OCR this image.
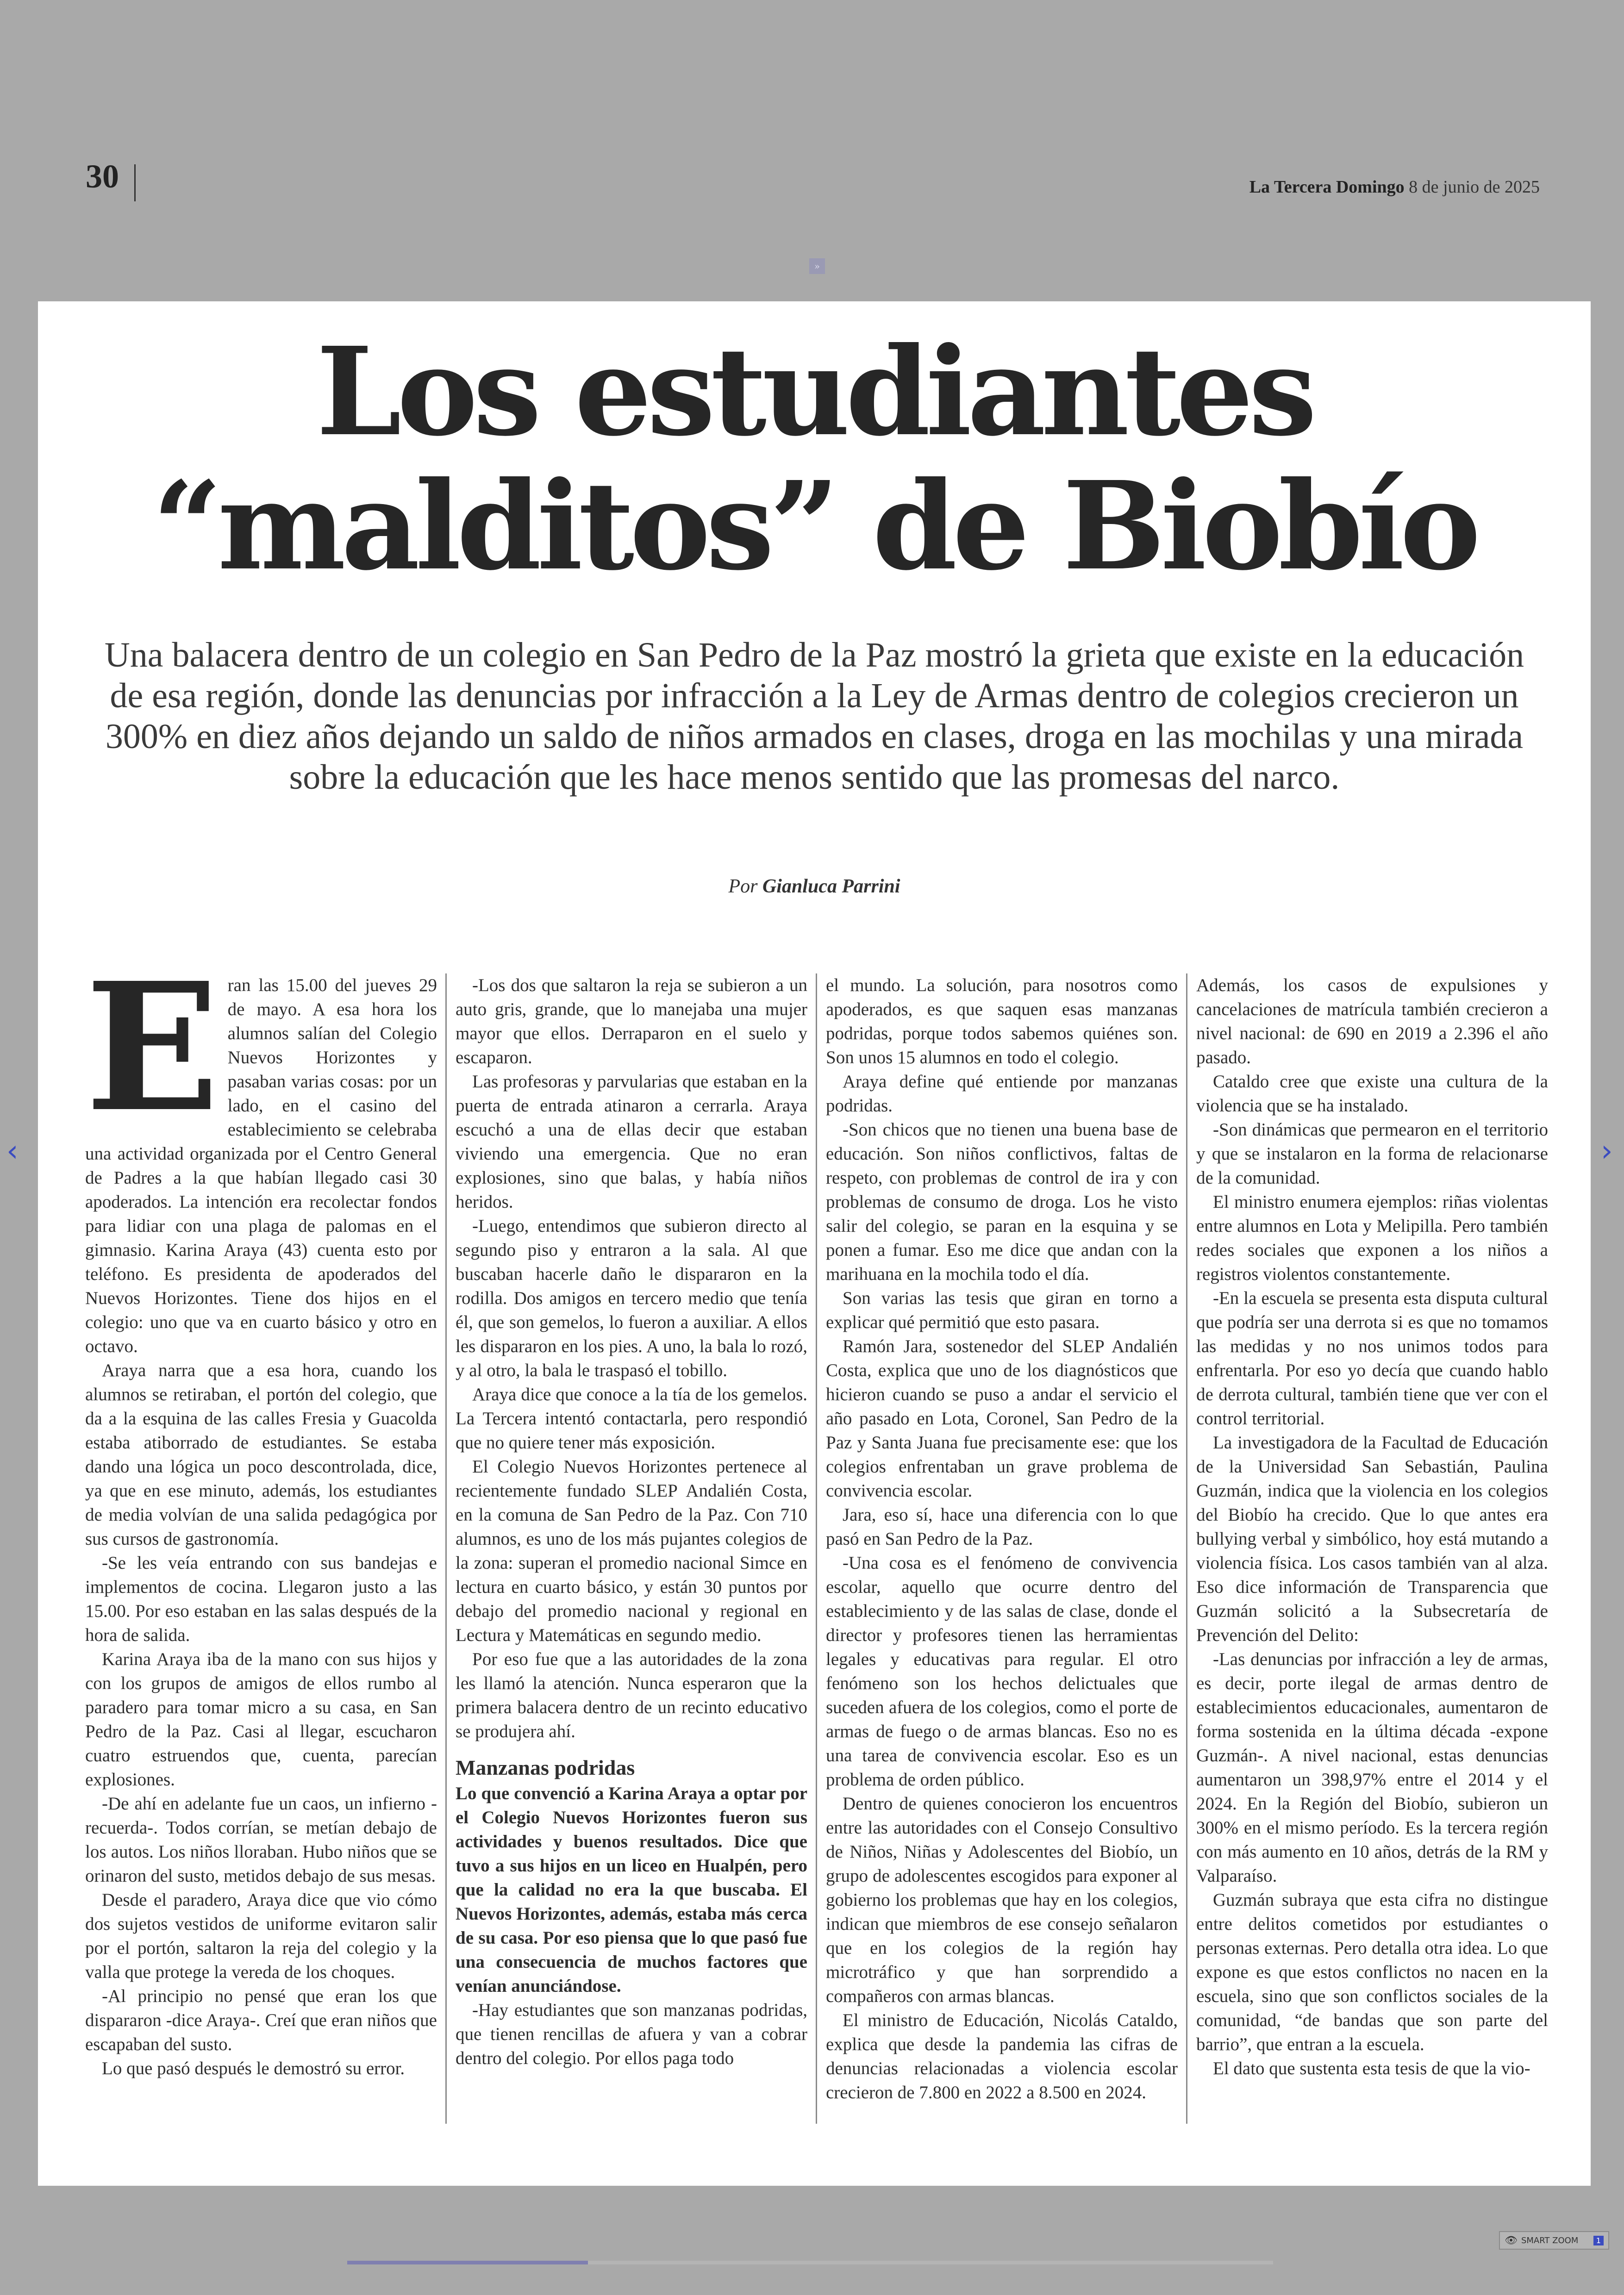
30	La Tercera Domingo 8 de junio de 2025
»
‹	›
Los estudiantes
“malditos” de Biobío
Una balacera dentro de un colegio en San Pedro de la Paz mostró la grieta que existe en la educación de esa región, donde las denuncias por infracción a la Ley de Armas dentro de colegios crecieron un 300% en diez años dejando un saldo de niños armados en clases, droga en las mochilas y una mirada sobre la educación que les hace menos sentido que las promesas del narco.
Por Gianluca Parrini
E ran las 15.00 del jueves 29 de mayo. A esa hora los alumnos salían del Colegio Nuevos Horizontes y pasaban varias cosas: por un lado, en el casino del establecimiento se celebraba una actividad organizada por el Centro General de Padres a la que habían llegado casi 30 apoderados. La intención era recolectar fondos para lidiar con una plaga de palomas en el gimnasio. Karina Araya (43) cuenta esto por teléfono. Es presidenta de apoderados del Nuevos Horizontes. Tiene dos hijos en el colegio: uno que va en cuarto básico y otro en octavo.

Araya narra que a esa hora, cuando los alumnos se retiraban, el portón del colegio, que da a la esquina de las calles Fresia y Guacolda estaba atiborrado de estudiantes. Se estaba dando una lógica un poco descontrolada, dice, ya que en ese minuto, además, los estudiantes de media volvían de una salida pedagógica por sus cursos de gastronomía.

-Se les veía entrando con sus bandejas e implementos de cocina. Llegaron justo a las 15.00. Por eso estaban en las salas después de la hora de salida.

Karina Araya iba de la mano con sus hijos y con los grupos de amigos de ellos rumbo al paradero para tomar micro a su casa, en San Pedro de la Paz. Casi al llegar, escucharon cuatro estruendos que, cuenta, parecían explosiones.

-De ahí en adelante fue un caos, un infierno -recuerda-. Todos corrían, se metían debajo de los autos. Los niños lloraban. Hubo niños que se orinaron del susto, metidos debajo de sus mesas.

Desde el paradero, Araya dice que vio cómo dos sujetos vestidos de uniforme evitaron salir por el portón, saltaron la reja del colegio y la valla que protege la vereda de los choques.

-Al principio no pensé que eran los que dispararon -dice Araya-. Creí que eran niños que escapaban del susto.

Lo que pasó después le demostró su error.

-Los dos que saltaron la reja se subieron a un auto gris, grande, que lo manejaba una mujer mayor que ellos. Derraparon en el suelo y escaparon.

Las profesoras y parvularias que estaban en la puerta de entrada atinaron a cerrarla. Araya escuchó a una de ellas decir que estaban viviendo una emergencia. Que no eran explosiones, sino que balas, y había niños heridos.

-Luego, entendimos que subieron directo al segundo piso y entraron a la sala. Al que buscaban hacerle daño le dispararon en la rodilla. Dos amigos en tercero medio que tenía él, que son gemelos, lo fueron a auxiliar. A ellos les dispararon en los pies. A uno, la bala lo rozó, y al otro, la bala le traspasó el tobillo.

Araya dice que conoce a la tía de los gemelos. La Tercera intentó contactarla, pero respondió que no quiere tener más exposición.

El Colegio Nuevos Horizontes pertenece al recientemente fundado SLEP Andalién Costa, en la comuna de San Pedro de la Paz. Con 710 alumnos, es uno de los más pujantes colegios de la zona: superan el promedio nacional Simce en lectura en cuarto básico, y están 30 puntos por debajo del promedio nacional y regional en Lectura y Matemáticas en segundo medio.

Por eso fue que a las autoridades de la zona les llamó la atención. Nunca esperaron que la primera balacera dentro de un recinto educativo se produjera ahí.

Manzanas podridas

Lo que convenció a Karina Araya a optar por el Colegio Nuevos Horizontes fueron sus actividades y buenos resultados. Dice que tuvo a sus hijos en un liceo en Hualpén, pero que la calidad no era la que buscaba. El Nuevos Horizontes, además, estaba más cerca de su casa. Por eso piensa que lo que pasó fue una consecuencia de muchos factores que venían anunciándose.

-Hay estudiantes que son manzanas podridas, que tienen rencillas de afuera y van a cobrar dentro del colegio. Por ellos paga todo

el mundo. La solución, para nosotros como apoderados, es que saquen esas manzanas podridas, porque todos sabemos quiénes son. Son unos 15 alumnos en todo el colegio.

Araya define qué entiende por manzanas podridas.

-Son chicos que no tienen una buena base de educación. Son niños conflictivos, faltas de respeto, con problemas de control de ira y con problemas de consumo de droga. Los he visto salir del colegio, se paran en la esquina y se ponen a fumar. Eso me dice que andan con la marihuana en la mochila todo el día.

Son varias las tesis que giran en torno a explicar qué permitió que esto pasara.

Ramón Jara, sostenedor del SLEP Andalién Costa, explica que uno de los diagnósticos que hicieron cuando se puso a andar el servicio el año pasado en Lota, Coronel, San Pedro de la Paz y Santa Juana fue precisamente ese: que los colegios enfrentaban un grave problema de convivencia escolar.

Jara, eso sí, hace una diferencia con lo que pasó en San Pedro de la Paz.

-Una cosa es el fenómeno de convivencia escolar, aquello que ocurre dentro del establecimiento y de las salas de clase, donde el director y profesores tienen las herramientas legales y educativas para regular. El otro fenómeno son los hechos delictuales que suceden afuera de los colegios, como el porte de armas de fuego o de armas blancas. Eso no es una tarea de convivencia escolar. Eso es un problema de orden público.

Dentro de quienes conocieron los encuentros entre las autoridades con el Consejo Consultivo de Niños, Niñas y Adolescentes del Biobío, un grupo de adolescentes escogidos para exponer al gobierno los problemas que hay en los colegios, indican que miembros de ese consejo señalaron que en los colegios de la región hay microtráfico y que han sorprendido a compañeros con armas blancas.

El ministro de Educación, Nicolás Cataldo, explica que desde la pandemia las cifras de denuncias relacionadas a violencia escolar crecieron de 7.800 en 2022 a 8.500 en 2024.

Además, los casos de expulsiones y cancelaciones de matrícula también crecieron a nivel nacional: de 690 en 2019 a 2.396 el año pasado.

Cataldo cree que existe una cultura de la violencia que se ha instalado.

-Son dinámicas que permearon en el territorio y que se instalaron en la forma de relacionarse de la comunidad.

El ministro enumera ejemplos: riñas violentas entre alumnos en Lota y Melipilla. Pero también redes sociales que exponen a los niños a registros violentos constantemente.

-En la escuela se presenta esta disputa cultural que podría ser una derrota si es que no tomamos las medidas y no nos unimos todos para enfrentarla. Por eso yo decía que cuando hablo de derrota cultural, también tiene que ver con el control territorial.

La investigadora de la Facultad de Educación de la Universidad San Sebastián, Paulina Guzmán, indica que la violencia en los colegios del Biobío ha crecido. Que lo que antes era bullying verbal y simbólico, hoy está mutando a violencia física. Los casos también van al alza. Eso dice información de Transparencia que Guzmán solicitó a la Subsecretaría de Prevención del Delito:

-Las denuncias por infracción a ley de armas, es decir, porte ilegal de armas dentro de establecimientos educacionales, aumentaron de forma sostenida en la última década -expone Guzmán-. A nivel nacional, estas denuncias aumentaron un 398,97% entre el 2014 y el 2024. En la Región del Biobío, subieron un 300% en el mismo período. Es la tercera región con más aumento en 10 años, detrás de la RM y Valparaíso.

Guzmán subraya que esta cifra no distingue entre delitos cometidos por estudiantes o personas externas. Pero detalla otra idea. Lo que expone es que estos conflictos no nacen en la escuela, sino que son conflictos sociales de la comunidad, “de bandas que son parte del barrio”, que entran a la escuela.

El dato que sustenta esta tesis de que la vio-

👁 SMART ZOOM	1
